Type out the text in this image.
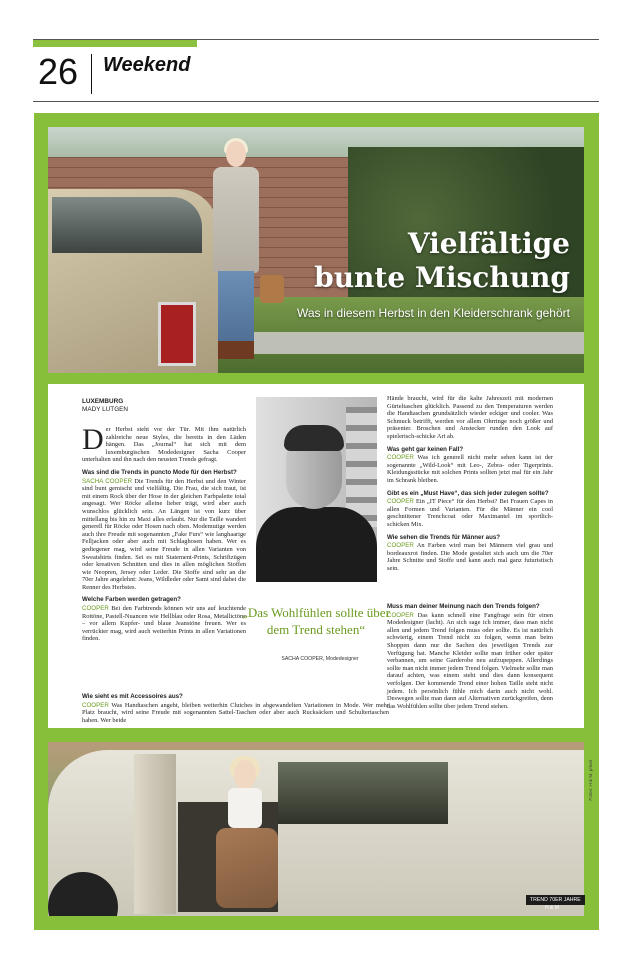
26 Weekend
Vielfältige
bunte Mischung
Was in diesem Herbst in den Kleiderschrank gehört
LUXEMBURG
MADY LUTGEN

Der Herbst steht vor der Tür. Mit ihm natürlich zahlreiche neue Styles, die bereits in den Läden hängen. Das „Journal“ hat sich mit dem luxemburgischen Modedesigner Sacha Cooper unterhalten und ihn nach den neusten Trends gefragt.

Was sind die Trends in puncto Mode für den Herbst?

SACHA COOPER Die Trends für den Herbst und den Winter sind bunt gemischt und vielfältig. Die Frau, die sich traut, ist mit einem Rock über der Hose in der gleichen Farbpalette total angesagt. Wer Röcke alleine lieber trägt, wird aber auch wunschlos glücklich sein. An Längen ist von kurz über mittellang bis hin zu Maxi alles erlaubt. Nur die Taille wandert generell für Röcke oder Hosen nach oben. Modemutige werden auch ihre Freude mit sogenannten „Fake Furs“ wie langhaarige Felljacken oder aber auch mit Schlaghosen haben. Wer es gediegener mag, wird seine Freude in allen Varianten von Sweatshirts finden. Sei es mit Statement-Prints, Schriftzügen oder kreativen Schnitten und dies in allen möglichen Stoffen wie Neopren, Jersey oder Leder. Die Stoffe sind sehr an die 70er Jahre angelehnt: Jeans, Wildleder oder Samt sind dabei die Renner des Herbstes.

Welche Farben werden getragen?

COOPER Bei den Farbtrends können wir uns auf leuchtende Rottöne, Pastell-Nuancen wie Hellblau oder Rosa, Metallictöne – vor allem Kupfer- und blaue Jeanstöne freuen. Wer es verrückter mag, wird auch weiterhin Prints in allen Variationen finden.

Wie sieht es mit Accessoires aus?

COOPER Was Handtaschen angeht, bleiben weiterhin Clutches in abgewandelten Variationen in Mode. Wer mehr Platz braucht, wird seine Freude mit sogenannten Sattel-Taschen oder aber auch Rucksäcken und Schultertaschen haben. Wer beide

„Das Wohlfühlen sollte über dem Trend stehen“
SACHA COOPER, Modedesigner

Hände braucht, wird für die kalte Jahreszeit mit modernen Gürteltaschen glücklich. Passend zu den Temperaturen werden die Handtaschen grundsätzlich wieder eckiger und cooler. Was Schmuck betrifft, werden vor allem Ohrringe noch größer und präsenter. Broschen und Anstecker runden den Look auf spielerisch-schicke Art ab.

Was geht gar keinen Fall?

COOPER Was ich generell nicht mehr sehen kann ist der sogenannte „Wild-Look“ mit Leo-, Zebra- oder Tigerprints. Kleidungsstücke mit solchen Prints sollten jetzt mal für ein Jahr im Schrank bleiben.

Gibt es ein „Must Have“, das sich jeder zulegen sollte?

COOPER Ein „IT Piece“ für den Herbst? Bei Frauen Capes in allen Formen und Varianten. Für die Männer ein cool geschnittener Trenchcoat oder Maximantel im sportlich-schicken Mix.

Wie sehen die Trends für Männer aus?

COOPER An Farben wird man bei Männern viel grau und bordeauxrot finden. Die Mode gestaltet sich auch um die 70er Jahre Schnitte und Stoffe und kann auch mal ganz futuristisch sein.

Muss man deiner Meinung nach den Trends folgen?

COOPER Das kann schnell eine Fangfrage sein für einen Modedesigner (lacht). An sich sage ich immer, dass man nicht allen und jedem Trend folgen muss oder sollte. Es ist natürlich schwierig, einem Trend nicht zu folgen, wenn man beim Shoppen dann nur die Sachen des jeweiligen Trends zur Verfügung hat. Manche Kleider sollte man früher oder später verbannen, um seine Garderobe neu aufzupeppen. Allerdings sollte man nicht immer jedem Trend folgen. Vielmehr sollte man darauf achten, was einem steht und dies dann konsequent verfolgen. Der kommende Trend einer hohen Taille steht nicht jedem. Ich persönlich fühle mich darin auch nicht wohl. Deswegen sollte man dann auf Alternativen zurückgreifen, denn das Wohlfühlen sollte über jedem Trend stehen.

TREND 70ER JAHRE
H & M
Fotos: H & M, privat
